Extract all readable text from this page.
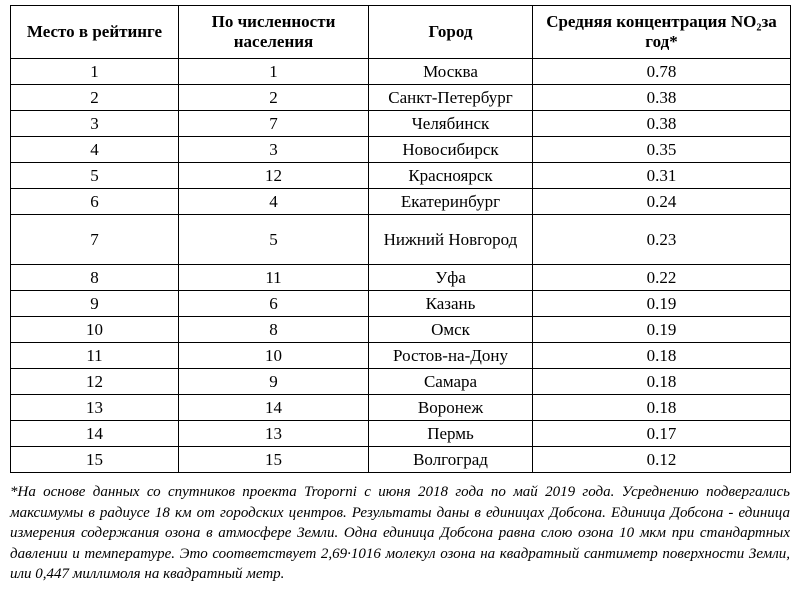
Место в рейтинге	По численности населения	Город	Средняя концентрация NO₂за год*
1	1	Москва	0.78
2	2	Санкт-Петербург	0.38
3	7	Челябинск	0.38
4	3	Новосибирск	0.35
5	12	Красноярск	0.31
6	4	Екатеринбург	0.24
7	5	Нижний Новгород	0.23
8	11	Уфа	0.22
9	6	Казань	0.19
10	8	Омск	0.19
11	10	Ростов-на-Дону	0.18
12	9	Самара	0.18
13	14	Воронеж	0.18
14	13	Пермь	0.17
15	15	Волгоград	0.12
*На основе данных со спутников проекта Troporni с июня 2018 года по май 2019 года. Усреднению подвергались максимумы в радиусе 18 км от городских центров. Результаты даны в единицах Добсона. Единица Добсона - единица измерения содержания озона в атмосфере Земли. Одна единица Добсона равна слою озона 10 мкм при стандартных давлении и температуре. Это соответствует 2,69·1016 молекул озона на квадратный сантиметр поверхности Земли, или 0,447 миллимоля на квадратный метр.
